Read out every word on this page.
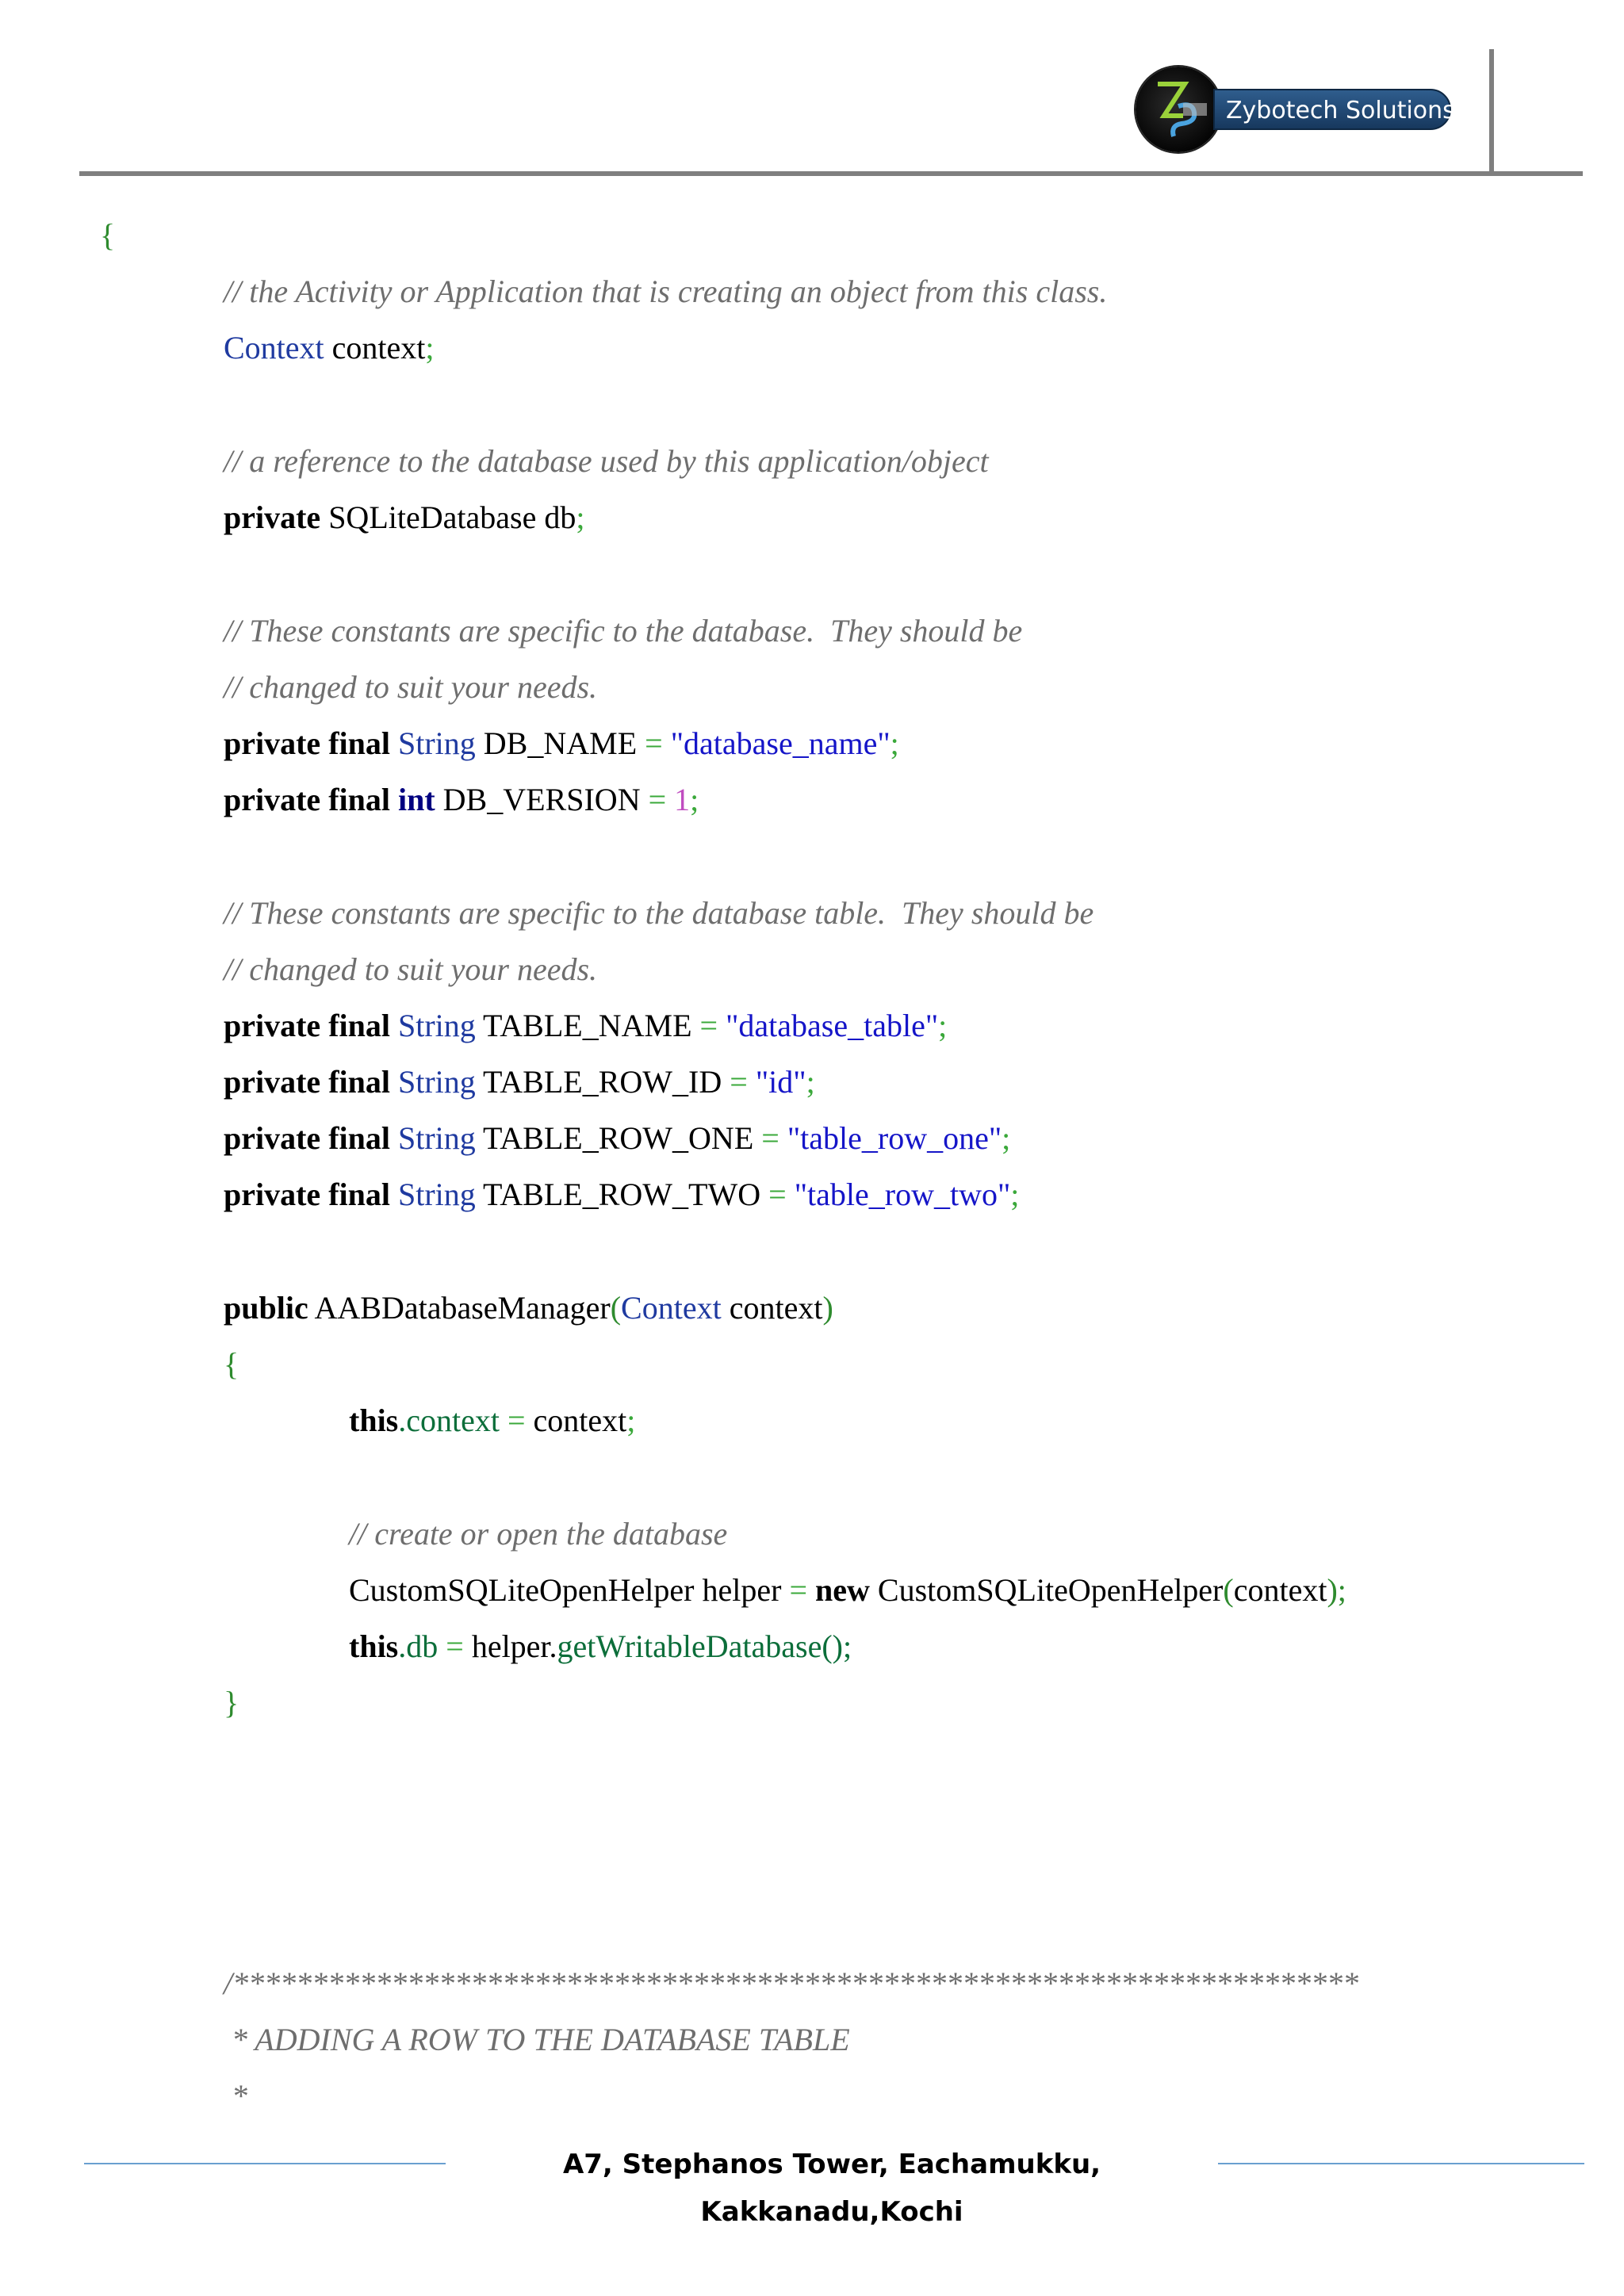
Zybotech Solutions
{
// the Activity or Application that is creating an object from this class.
Context context;
// a reference to the database used by this application/object
private SQLiteDatabase db;
// These constants are specific to the database.  They should be
// changed to suit your needs.
private final String DB_NAME = "database_name";
private final int DB_VERSION = 1;
// These constants are specific to the database table.  They should be
// changed to suit your needs.
private final String TABLE_NAME = "database_table";
private final String TABLE_ROW_ID = "id";
private final String TABLE_ROW_ONE = "table_row_one";
private final String TABLE_ROW_TWO = "table_row_two";
public AABDatabaseManager(Context context)
{
this.context = context;
// create or open the database
CustomSQLiteOpenHelper helper = new CustomSQLiteOpenHelper(context);
this.db = helper.getWritableDatabase();
}
/***********************************************************************
* ADDING A ROW TO THE DATABASE TABLE
*
A7, Stephanos Tower, Eachamukku, Kakkanadu,Kochi
